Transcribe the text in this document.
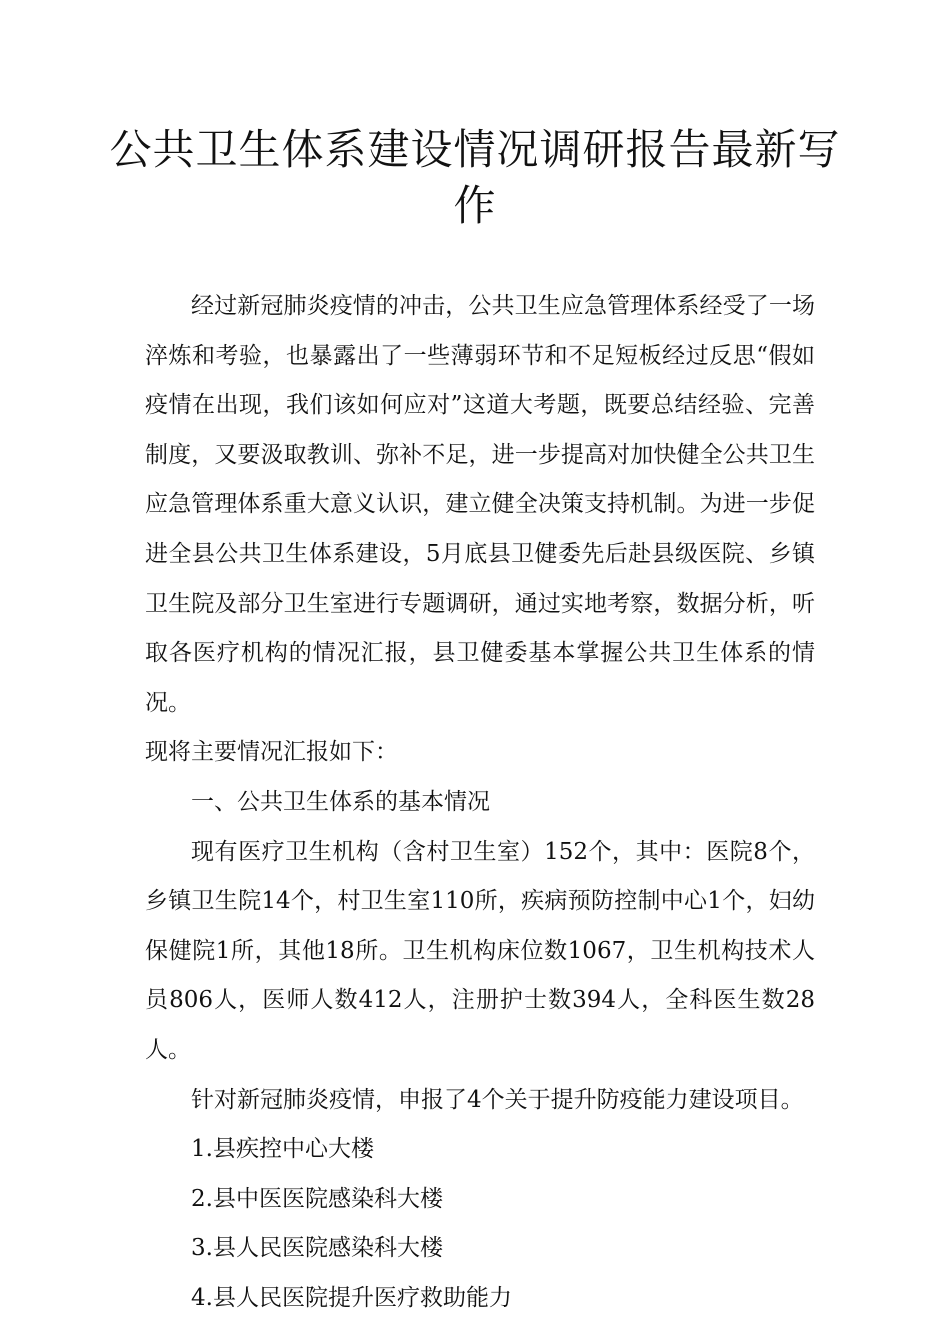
公共卫生体系建设情况调研报告最新写
作

经过新冠肺炎疫情的冲击，公共卫生应急管理体系经受了一场淬炼和考验，也暴露出了一些薄弱环节和不足短板经过反思“假如疫情在出现，我们该如何应对”这道大考题，既要总结经验、完善制度，又要汲取教训、弥补不足，进一步提高对加快健全公共卫生应急管理体系重大意义认识，建立健全决策支持机制。为进一步促进全县公共卫生体系建设，5月底县卫健委先后赴县级医院、乡镇卫生院及部分卫生室进行专题调研，通过实地考察，数据分析，听取各医疗机构的情况汇报，县卫健委基本掌握公共卫生体系的情况。

现将主要情况汇报如下：

一、公共卫生体系的基本情况

现有医疗卫生机构（含村卫生室）152个，其中：医院8个，乡镇卫生院14个，村卫生室110所，疾病预防控制中心1个，妇幼保健院1所，其他18所。卫生机构床位数1067，卫生机构技术人员806人，医师人数412人，注册护士数394人，全科医生数28人。

针对新冠肺炎疫情，申报了4个关于提升防疫能力建设项目。

1.县疾控中心大楼

2.县中医医院感染科大楼

3.县人民医院感染科大楼

4.县人民医院提升医疗救助能力
